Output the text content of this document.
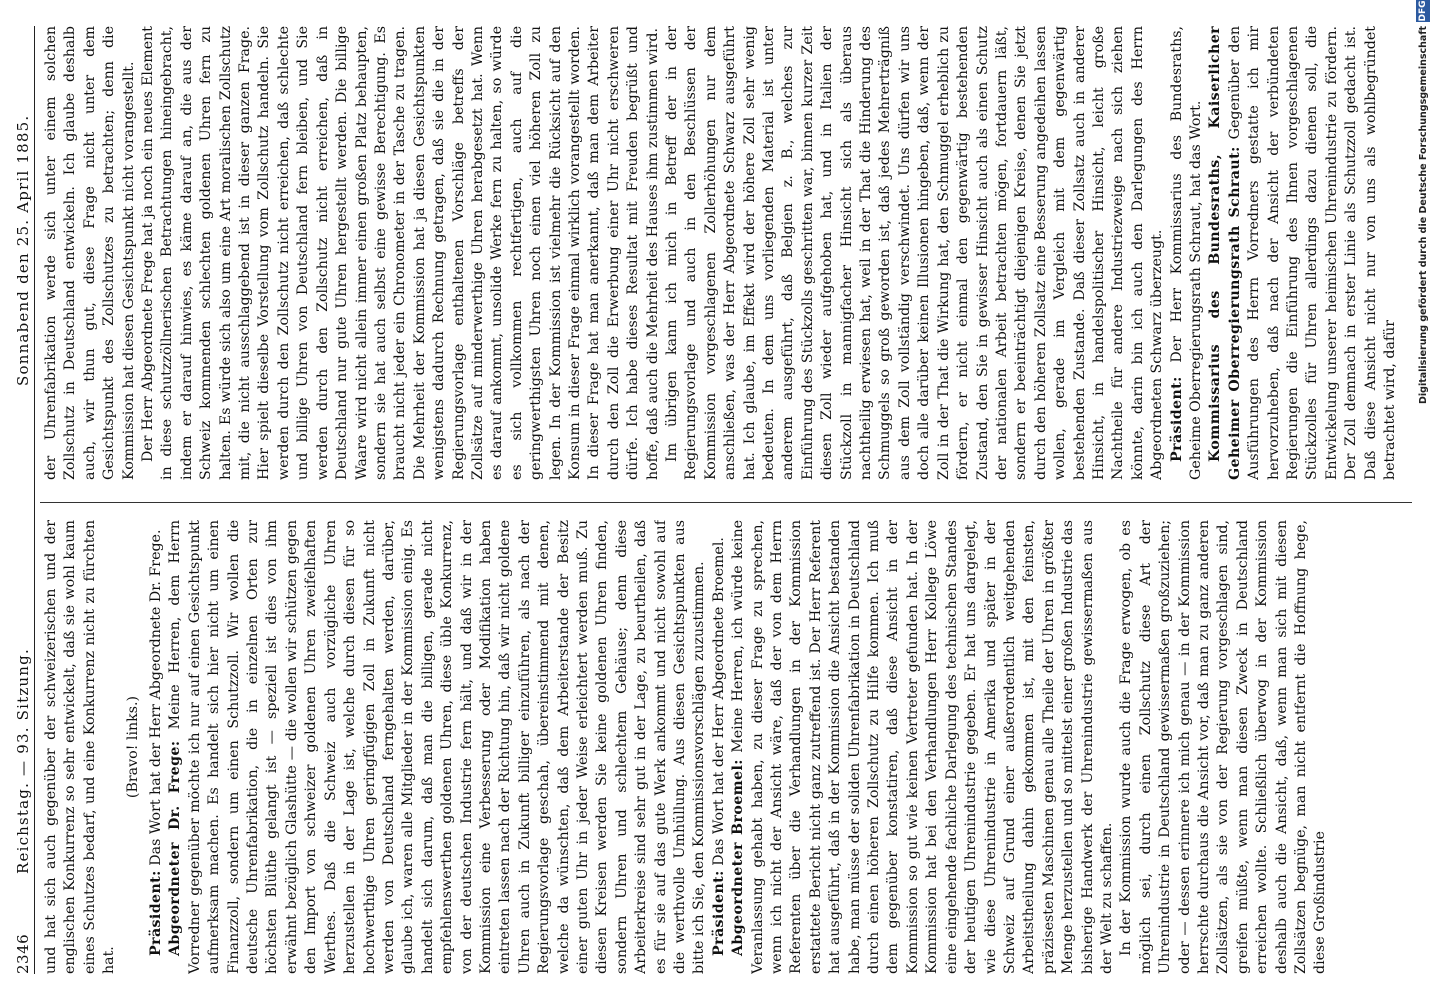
2346
Reichstag. — 93. Sitzung.
Sonnabend den 25. April 1885.

und hat sich auch gegenüber der schweizerischen und der englischen Konkurrenz so sehr entwickelt, daß sie wohl kaum eines Schutzes bedarf, und eine Konkurrenz nicht zu fürchten hat.

(Bravo! links.)

Präsident: Das Wort hat der Herr Abgeordnete Dr. Frege. Abgeordneter Dr. Frege: Meine Herren, dem Herrn Vorredner gegenüber möchte ich nur auf einen Gesichtspunkt aufmerksam machen. Es handelt sich hier nicht um einen Finanzzoll, sondern um einen Schutzzoll. Wir wollen die deutsche Uhrenfabrikation, die in einzelnen Orten zur höchsten Blüthe gelangt ist — speziell ist dies von ihm erwähnt bezüglich Glashütte — die wollen wir schützen gegen den Import von schweizer goldenen Uhren zweifelhaften Werthes. Daß die Schweiz auch vorzügliche Uhren herzustellen in der Lage ist, welche durch diesen für so hochwerthige Uhren geringfügigen Zoll in Zukunft nicht werden von Deutschland ferngehalten werden, darüber, glaube ich, waren alle Mitglieder in der Kommission einig. Es handelt sich darum, daß man die billigen, gerade nicht empfehlenswerthen goldenen Uhren, diese üble Konkurrenz, von der deutschen Industrie fern hält, und daß wir in der Kommission eine Verbesserung oder Modifikation haben eintreten lassen nach der Richtung hin, daß wir nicht goldene Uhren auch in Zukunft billiger einzuführen, als nach der Regierungsvorlage geschah, übereinstimmend mit denen, welche da wünschten, daß dem Arbeiterstande der Besitz einer guten Uhr in jeder Weise erleichtert werden muß. Zu diesen Kreisen werden Sie keine goldenen Uhren finden, sondern Uhren und schlechtem Gehäuse; denn diese Arbeiterkreise sind sehr gut in der Lage, zu beurtheilen, daß es für sie auf das gute Werk ankommt und nicht sowohl auf die werthvolle Umhüllung. Aus diesen Gesichtspunkten aus bitte ich Sie, den Kommissionsvorschlägen zuzustimmen. Präsident: Das Wort hat der Herr Abgeordnete Broemel. Abgeordneter Broemel: Meine Herren, ich würde keine Veranlassung gehabt haben, zu dieser Frage zu sprechen, wenn ich nicht der Ansicht wäre, daß der von dem Herrn Referenten über die Verhandlungen in der Kommission erstattete Bericht nicht ganz zutreffend ist. Der Herr Referent hat ausgeführt, daß in der Kommission die Ansicht bestanden habe, man müsse der soliden Uhrenfabrikation in Deutschland durch einen höheren Zollschutz zu Hilfe kommen. Ich muß dem gegenüber konstatiren, daß diese Ansicht in der Kommission so gut wie keinen Vertreter gefunden hat. In der Kommission hat bei den Verhandlungen Herr Kollege Löwe eine eingehende fachliche Darlegung des technischen Standes der heutigen Uhrenindustrie gegeben. Er hat uns dargelegt, wie diese Uhrenindustrie in Amerika und später in der Schweiz auf Grund einer außerordentlich weitgehenden Arbeitstheilung dahin gekommen ist, mit den feinsten, präzisesten Maschinen genau alle Theile der Uhren in größter Menge herzustellen und so mittelst einer großen Industrie das bisherige Handwerk der Uhrenindustrie gewissermaßen aus der Welt zu schaffen. In der Kommission wurde auch die Frage erwogen, ob es möglich sei, durch einen Zollschutz diese Art der Uhrenindustrie in Deutschland gewissermaßen großzuziehen; oder — dessen erinnere ich mich genau — in der Kommission herrschte durchaus die Ansicht vor, daß man zu ganz anderen Zollsätzen, als sie von der Regierung vorgeschlagen sind, greifen müßte, wenn man diesen Zweck in Deutschland erreichen wollte. Schließlich überwog in der Kommission deshalb auch die Ansicht, daß, wenn man sich mit diesen Zollsätzen begnüge, man nicht entfernt die Hoffnung hege, diese Großindustrie

der Uhrenfabrikation werde sich unter einem solchen Zollschutz in Deutschland entwickeln. Ich glaube deshalb auch, wir thun gut, diese Frage nicht unter dem Gesichtspunkt des Zollschutzes zu betrachten; denn die Kommission hat diesen Gesichtspunkt nicht vorangestellt. Der Herr Abgeordnete Frege hat ja noch ein neues Element in diese schutzzöllnerischen Betrachtungen hineingebracht, indem er darauf hinwies, es käme darauf an, die aus der Schweiz kommenden schlechten goldenen Uhren fern zu halten. Es würde sich also um eine Art moralischen Zollschutz mit, die nicht ausschlaggebend ist in dieser ganzen Frage. Hier spielt dieselbe Vorstellung vom Zollschutz handeln. Sie werden durch den Zollschutz nicht erreichen, daß schlechte und billige Uhren von Deutschland fern bleiben, und Sie werden durch den Zollschutz nicht erreichen, daß in Deutschland nur gute Uhren hergestellt werden. Die billige Waare wird nicht allein immer einen großen Platz behaupten, sondern sie hat auch selbst eine gewisse Berechtigung. Es braucht nicht jeder ein Chronometer in der Tasche zu tragen. Die Mehrheit der Kommission hat ja diesen Gesichtspunkten wenigstens dadurch Rechnung getragen, daß sie die in der Regierungsvorlage enthaltenen Vorschläge betreffs der Zollsätze auf minderwerthige Uhren herabgesetzt hat. Wenn es darauf ankommt, unsolide Werke fern zu halten, so würde es sich vollkommen rechtfertigen, auch auf die geringwerthigsten Uhren noch einen viel höheren Zoll zu legen. In der Kommission ist vielmehr die Rücksicht auf den Konsum in dieser Frage einmal wirklich vorangestellt worden. In dieser Frage hat man anerkannt, daß man dem Arbeiter durch den Zoll die Erwerbung einer Uhr nicht erschweren dürfe. Ich habe dieses Resultat mit Freuden begrüßt und hoffe, daß auch die Mehrheit des Hauses ihm zustimmen wird. Im übrigen kann ich mich in Betreff der in der Regierungsvorlage und auch in den Beschlüssen der Kommission vorgeschlagenen Zollerhöhungen nur dem anschließen, was der Herr Abgeordnete Schwarz ausgeführt hat. Ich glaube, im Effekt wird der höhere Zoll sehr wenig bedeuten. In dem uns vorliegenden Material ist unter anderem ausgeführt, daß Belgien z. B., welches zur Einführung des Stückzolls geschritten war, binnen kurzer Zeit diesen Zoll wieder aufgehoben hat, und in Italien der Stückzoll in mannigfacher Hinsicht sich als überaus nachtheilig erwiesen hat, weil in der That die Hinderung des Schmuggels so groß geworden ist, daß jedes Mehrerträgniß aus dem Zoll vollständig verschwindet. Uns dürfen wir uns doch alle darüber keinen Illusionen hingeben, daß, wenn der Zoll in der That die Wirkung hat, den Schmuggel erheblich zu fördern, er nicht einmal den gegenwärtig bestehenden Zustand, den Sie in gewisser Hinsicht auch als einen Schutz der nationalen Arbeit betrachten mögen, fortdauern läßt, sondern er beeinträchtigt diejenigen Kreise, denen Sie jetzt durch den höheren Zollsatz eine Besserung angedeihen lassen wollen, gerade im Vergleich mit dem gegenwärtig bestehenden Zustande. Daß dieser Zollsatz auch in anderer Hinsicht, in handelspolitischer Hinsicht, leicht große Nachtheile für andere Industriezweige nach sich ziehen könnte, darin bin ich auch den Darlegungen des Herrn Abgeordneten Schwarz überzeugt. Präsident: Der Herr Kommissarius des Bundesraths, Geheime Oberregierungsrath Schraut, hat das Wort. Kommissarius des Bundesraths, Kaiserlicher Geheimer Oberregierungsrath Schraut: Gegenüber den Ausführungen des Herrn Vorredners gestatte ich mir hervorzuheben, daß nach der Ansicht der verbündeten Regierungen die Einführung des Ihnen vorgeschlagenen Stückzolles für Uhren allerdings dazu dienen soll, die Entwickelung unserer heimischen Uhrenindustrie zu fördern. Der Zoll demnach in erster Linie als Schutzzoll gedacht ist. Daß diese Ansicht nicht nur von uns als wohlbegründet betrachtet wird, dafür Digitalisierung gefördert durch die Deutsche Forschungsgemeinschaft
DFG
